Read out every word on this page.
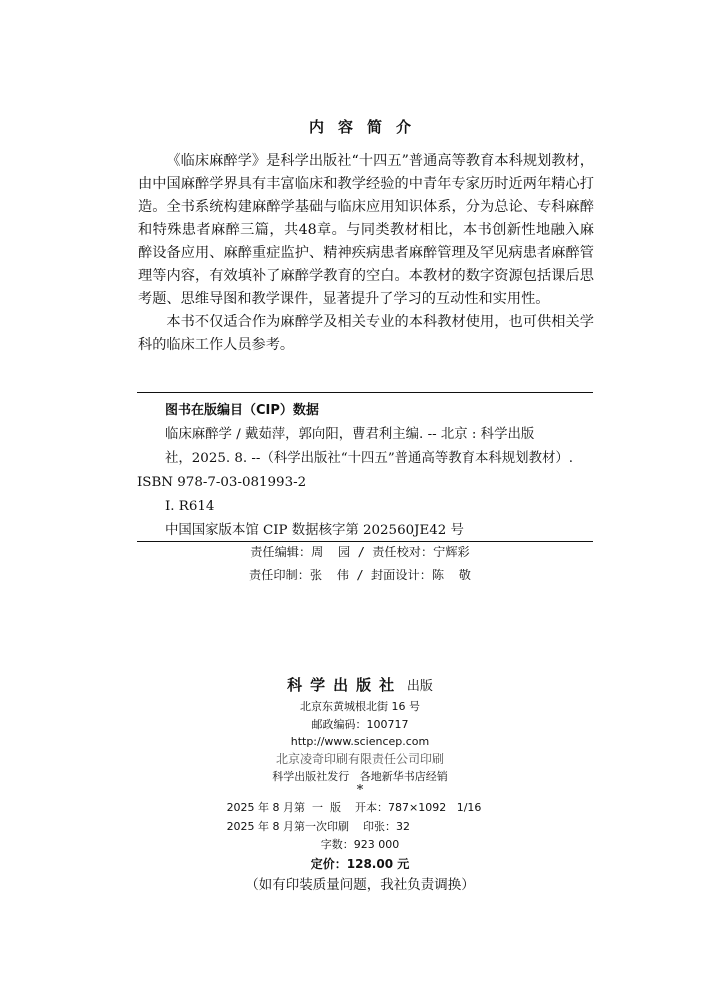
内容简介

《临床麻醉学》是科学出版社“十四五”普通高等教育本科规划教材，由中国麻醉学界具有丰富临床和教学经验的中青年专家历时近两年精心打造。全书系统构建麻醉学基础与临床应用知识体系，分为总论、专科麻醉和特殊患者麻醉三篇，共48章。与同类教材相比，本书创新性地融入麻醉设备应用、麻醉重症监护、精神疾病患者麻醉管理及罕见病患者麻醉管理等内容，有效填补了麻醉学教育的空白。本教材的数字资源包括课后思考题、思维导图和教学课件，显著提升了学习的互动性和实用性。

本书不仅适合作为麻醉学及相关专业的本科教材使用，也可供相关学科的临床工作人员参考。

图书在版编目（CIP）数据
临床麻醉学 / 戴茹萍，郭向阳，曹君利主编. -- 北京 : 科学出版
社，2025. 8. --（科学出版社“十四五”普通高等教育本科规划教材）.
ISBN 978-7-03-081993-2
Ⅰ. R614
中国国家版本馆 CIP 数据核字第 202560JE42 号
责任编辑：周  园 / 责任校对：宁辉彩
责任印制：张  伟 / 封面设计：陈  敬
科学出版社 出版
北京东黄城根北街 16 号
邮政编码：100717
http://www.sciencep.com
北京凌奇印刷有限责任公司印刷
科学出版社发行   各地新华书店经销
*
2025 年 8 月第  一  版    开本：787×1092   1/16
2025 年 8 月第一次印刷    印张：32
字数：923 000
定价：128.00 元
（如有印装质量问题，我社负责调换）
